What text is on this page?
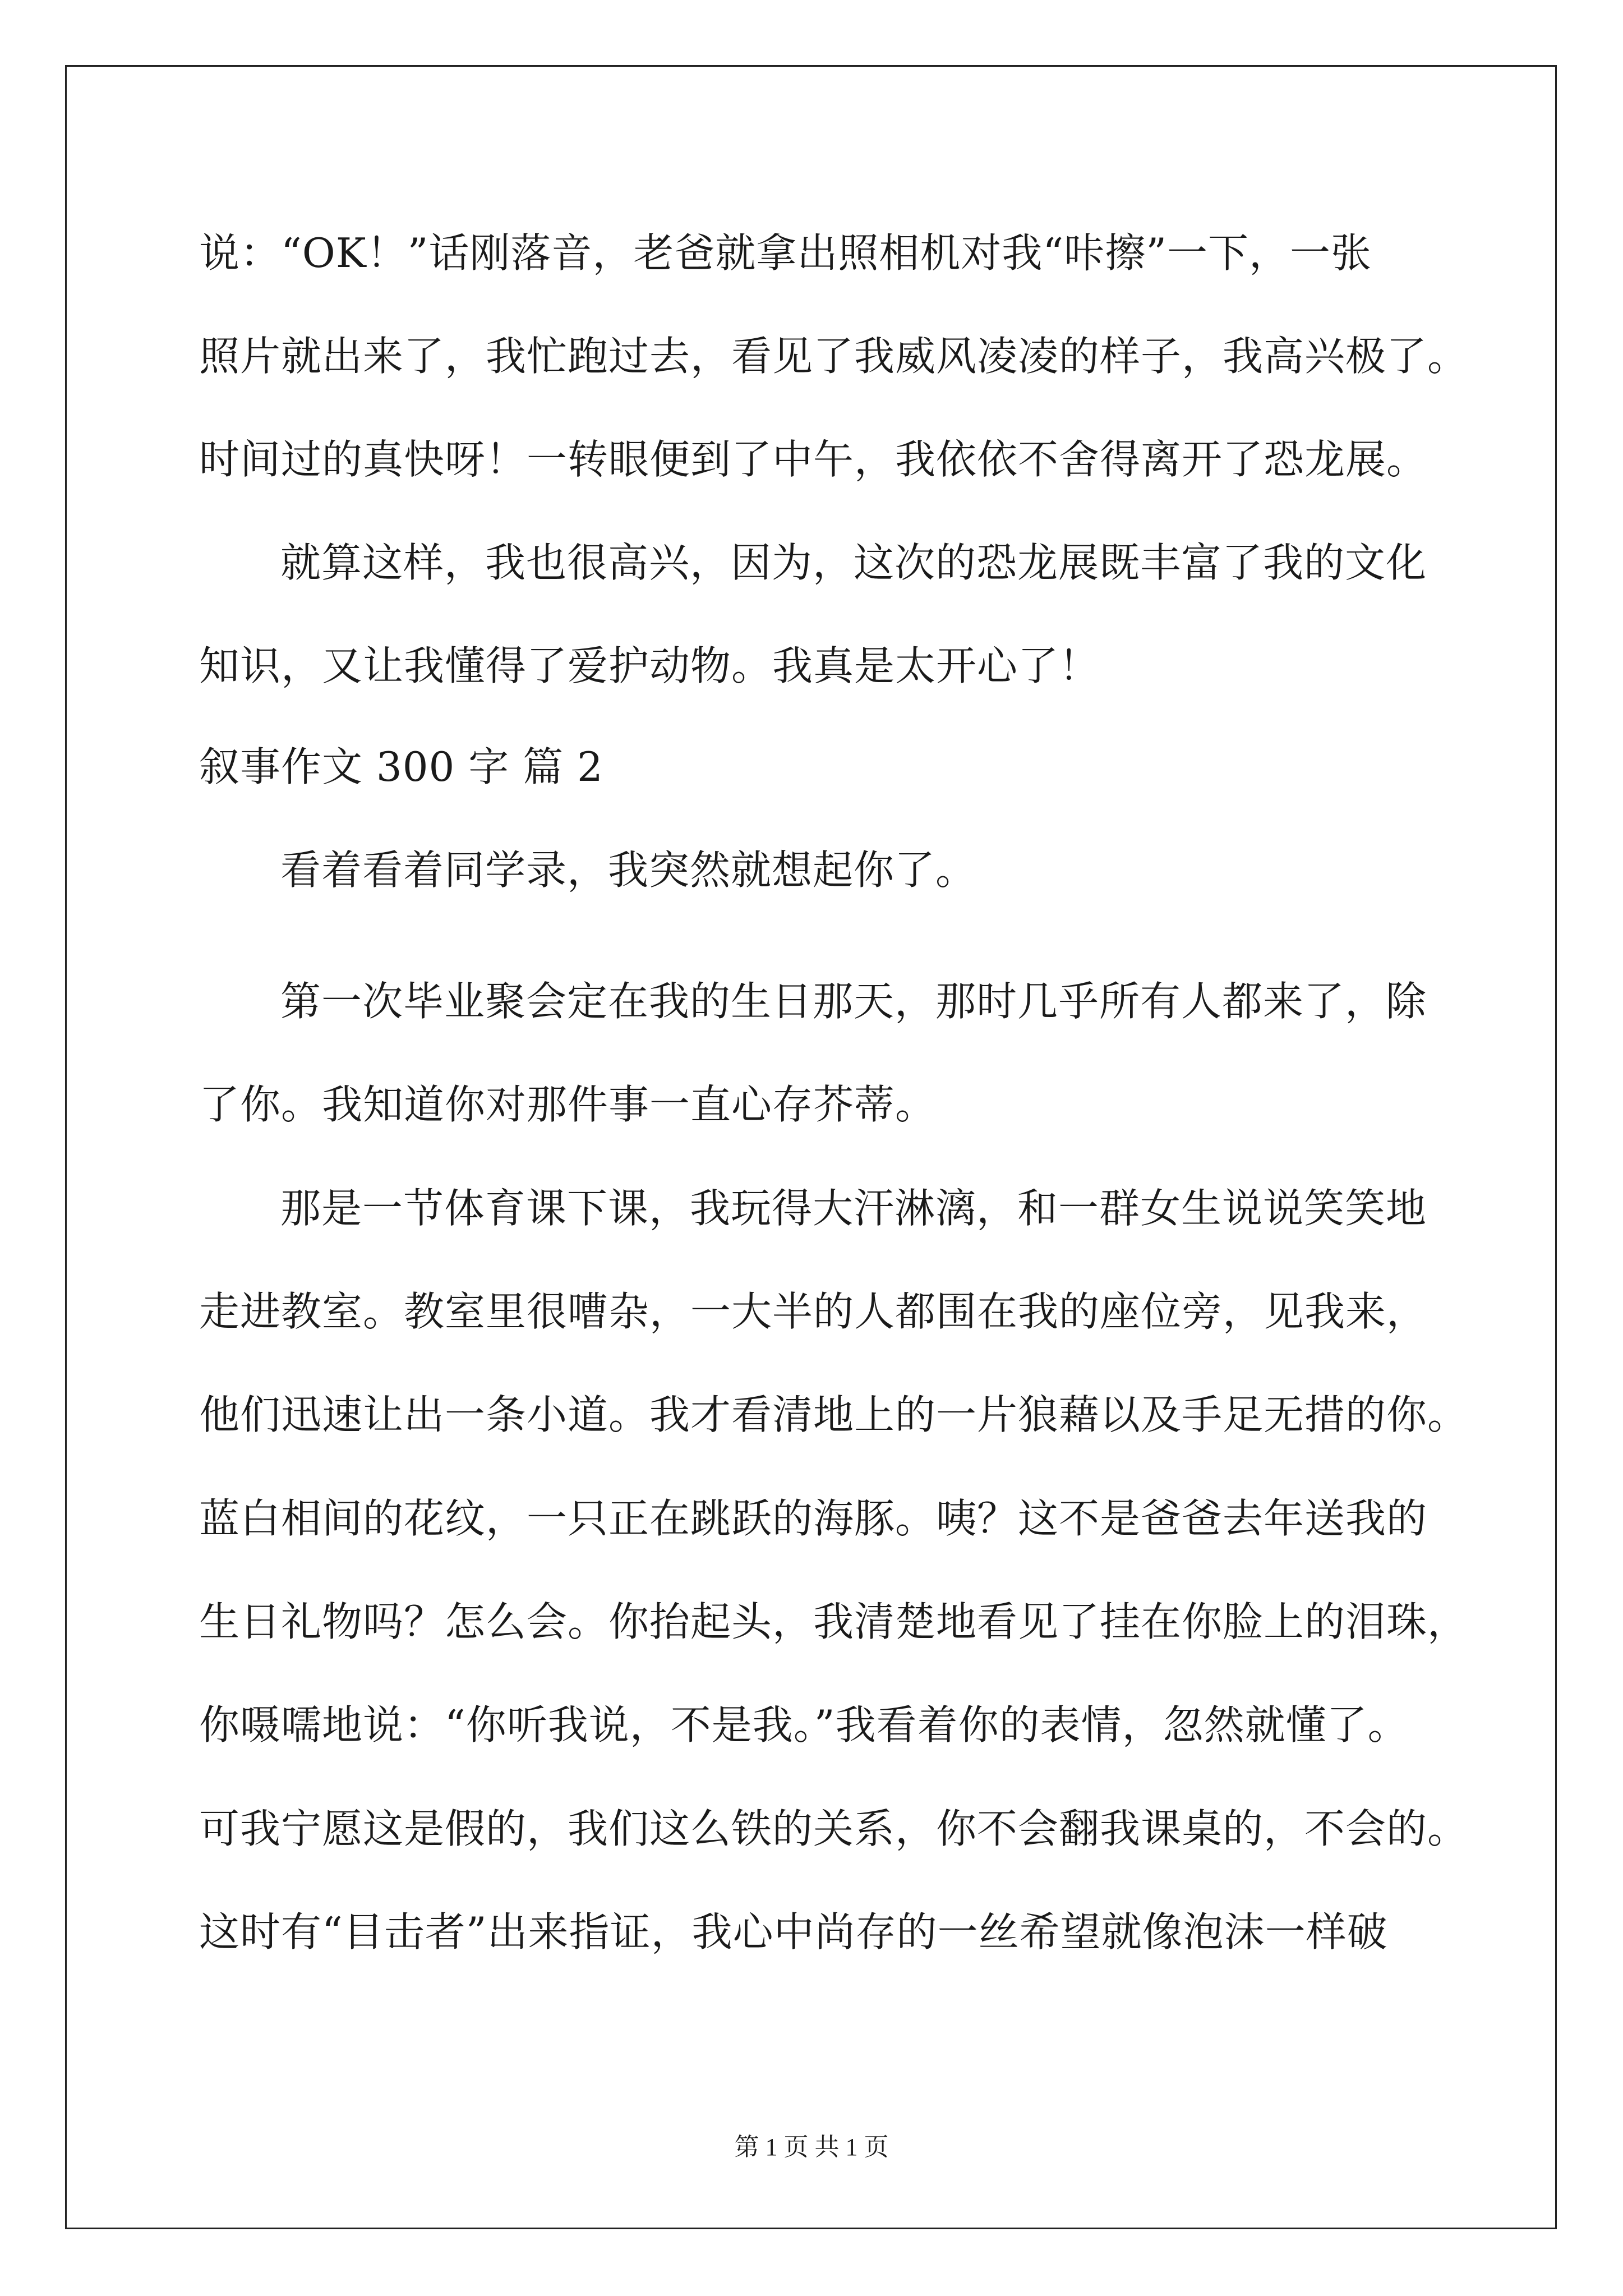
说：“OK！”话刚落音，老爸就拿出照相机对我“咔擦”一下，一张
照片就出来了，我忙跑过去，看见了我威风凌凌的样子，我高兴极了。
时间过的真快呀！一转眼便到了中午，我依依不舍得离开了恐龙展。
就算这样，我也很高兴，因为，这次的恐龙展既丰富了我的文化
知识，又让我懂得了爱护动物。我真是太开心了！
叙事作文 300 字 篇 2
看着看着同学录，我突然就想起你了。
第一次毕业聚会定在我的生日那天，那时几乎所有人都来了，除
了你。我知道你对那件事一直心存芥蒂。
那是一节体育课下课，我玩得大汗淋漓，和一群女生说说笑笑地
走进教室。教室里很嘈杂，一大半的人都围在我的座位旁，见我来，
他们迅速让出一条小道。我才看清地上的一片狼藉以及手足无措的你。
蓝白相间的花纹，一只正在跳跃的海豚。咦？这不是爸爸去年送我的
生日礼物吗？怎么会。你抬起头，我清楚地看见了挂在你脸上的泪珠，
你嗫嚅地说：“你听我说，不是我。”我看着你的表情，忽然就懂了。
可我宁愿这是假的，我们这么铁的关系，你不会翻我课桌的，不会的。
这时有“目击者”出来指证，我心中尚存的一丝希望就像泡沫一样破
第 1 页 共 1 页
